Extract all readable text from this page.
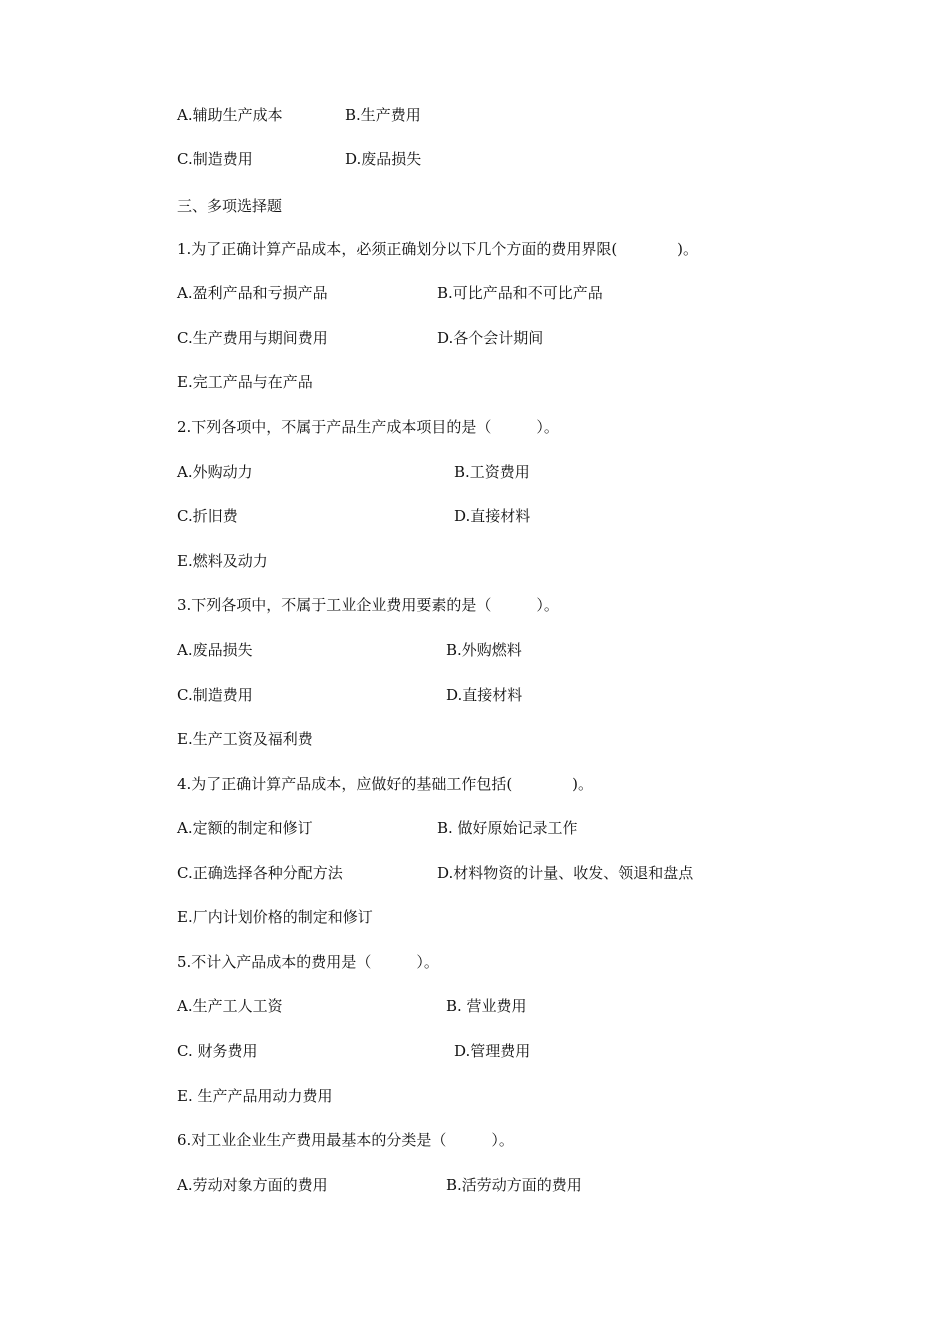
A.辅助生产成本	B.生产费用
C.制造费用	D.废品损失
三、多项选择题
1.为了正确计算产品成本，必须正确划分以下几个方面的费用界限(　　　　)。
A.盈利产品和亏损产品	B.可比产品和不可比产品
C.生产费用与期间费用	D.各个会计期间
E.完工产品与在产品
2.下列各项中，不属于产品生产成本项目的是（　　　）。
A.外购动力	B.工资费用
C.折旧费	D.直接材料
E.燃料及动力
3.下列各项中，不属于工业企业费用要素的是（　　　）。
A.废品损失	B.外购燃料
C.制造费用	D.直接材料
E.生产工资及福利费
4.为了正确计算产品成本，应做好的基础工作包括(　　　　)。
A.定额的制定和修订	B. 做好原始记录工作
C.正确选择各种分配方法	D.材料物资的计量、收发、领退和盘点
E.厂内计划价格的制定和修订
5.不计入产品成本的费用是（　　　）。
A.生产工人工资	B. 营业费用
C. 财务费用	D.管理费用
E. 生产产品用动力费用
6.对工业企业生产费用最基本的分类是（　　　）。
A.劳动对象方面的费用	B.活劳动方面的费用
